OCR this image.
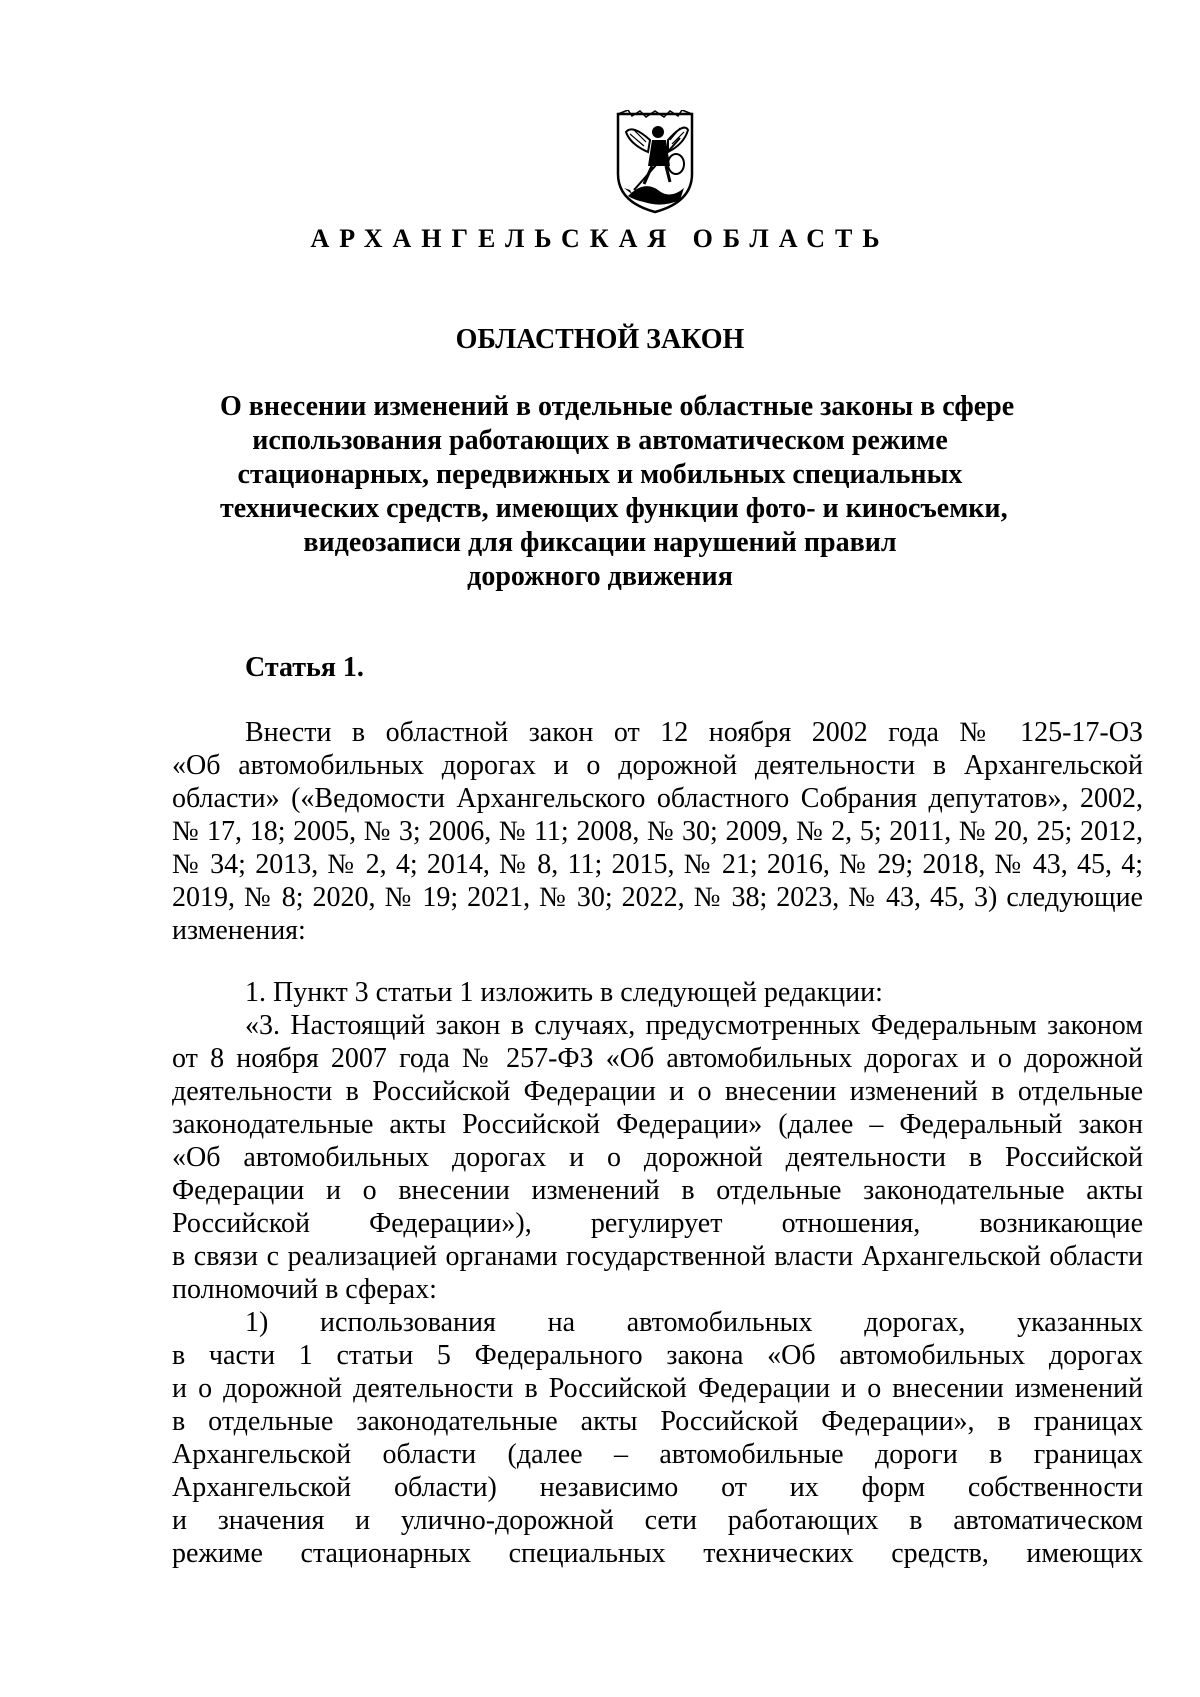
АРХАНГЕЛЬСКАЯ ОБЛАСТЬ
ОБЛАСТНОЙ ЗАКОН
О внесении изменений в отдельные областные законы в сфере
использования работающих в автоматическом режиме
стационарных, передвижных и мобильных специальных
технических средств, имеющих функции фото- и киносъемки,
видеозаписи для фиксации нарушений правил
дорожного движения
Статья 1.
Внести в областной закон от 12 ноября 2002 года № 125-17-ОЗ
«Об автомобильных дорогах и о дорожной деятельности в Архангельской
области» («Ведомости Архангельского областного Собрания депутатов», 2002,
№ 17, 18; 2005, № 3; 2006, № 11; 2008, № 30; 2009, № 2, 5; 2011, № 20, 25; 2012,
№ 34; 2013, № 2, 4; 2014, № 8, 11; 2015, № 21; 2016, № 29; 2018, № 43, 45, 4;
2019, № 8; 2020, № 19; 2021, № 30; 2022, № 38; 2023, № 43, 45, 3) следующие
изменения:
1. Пункт 3 статьи 1 изложить в следующей редакции:
«3. Настоящий закон в случаях, предусмотренных Федеральным законом
от 8 ноября 2007 года № 257-ФЗ «Об автомобильных дорогах и о дорожной
деятельности в Российской Федерации и о внесении изменений в отдельные
законодательные акты Российской Федерации» (далее – Федеральный закон
«Об автомобильных дорогах и о дорожной деятельности в Российской
Федерации и о внесении изменений в отдельные законодательные акты
Российской Федерации»), регулирует отношения, возникающие
в связи с реализацией органами государственной власти Архангельской области
полномочий в сферах:
1) использования на автомобильных дорогах, указанных
в части 1 статьи 5 Федерального закона «Об автомобильных дорогах
и о дорожной деятельности в Российской Федерации и о внесении изменений
в отдельные законодательные акты Российской Федерации», в границах
Архангельской области (далее – автомобильные дороги в границах
Архангельской области) независимо от их форм собственности
и значения и улично-дорожной сети работающих в автоматическом
режиме стационарных специальных технических средств, имеющих
